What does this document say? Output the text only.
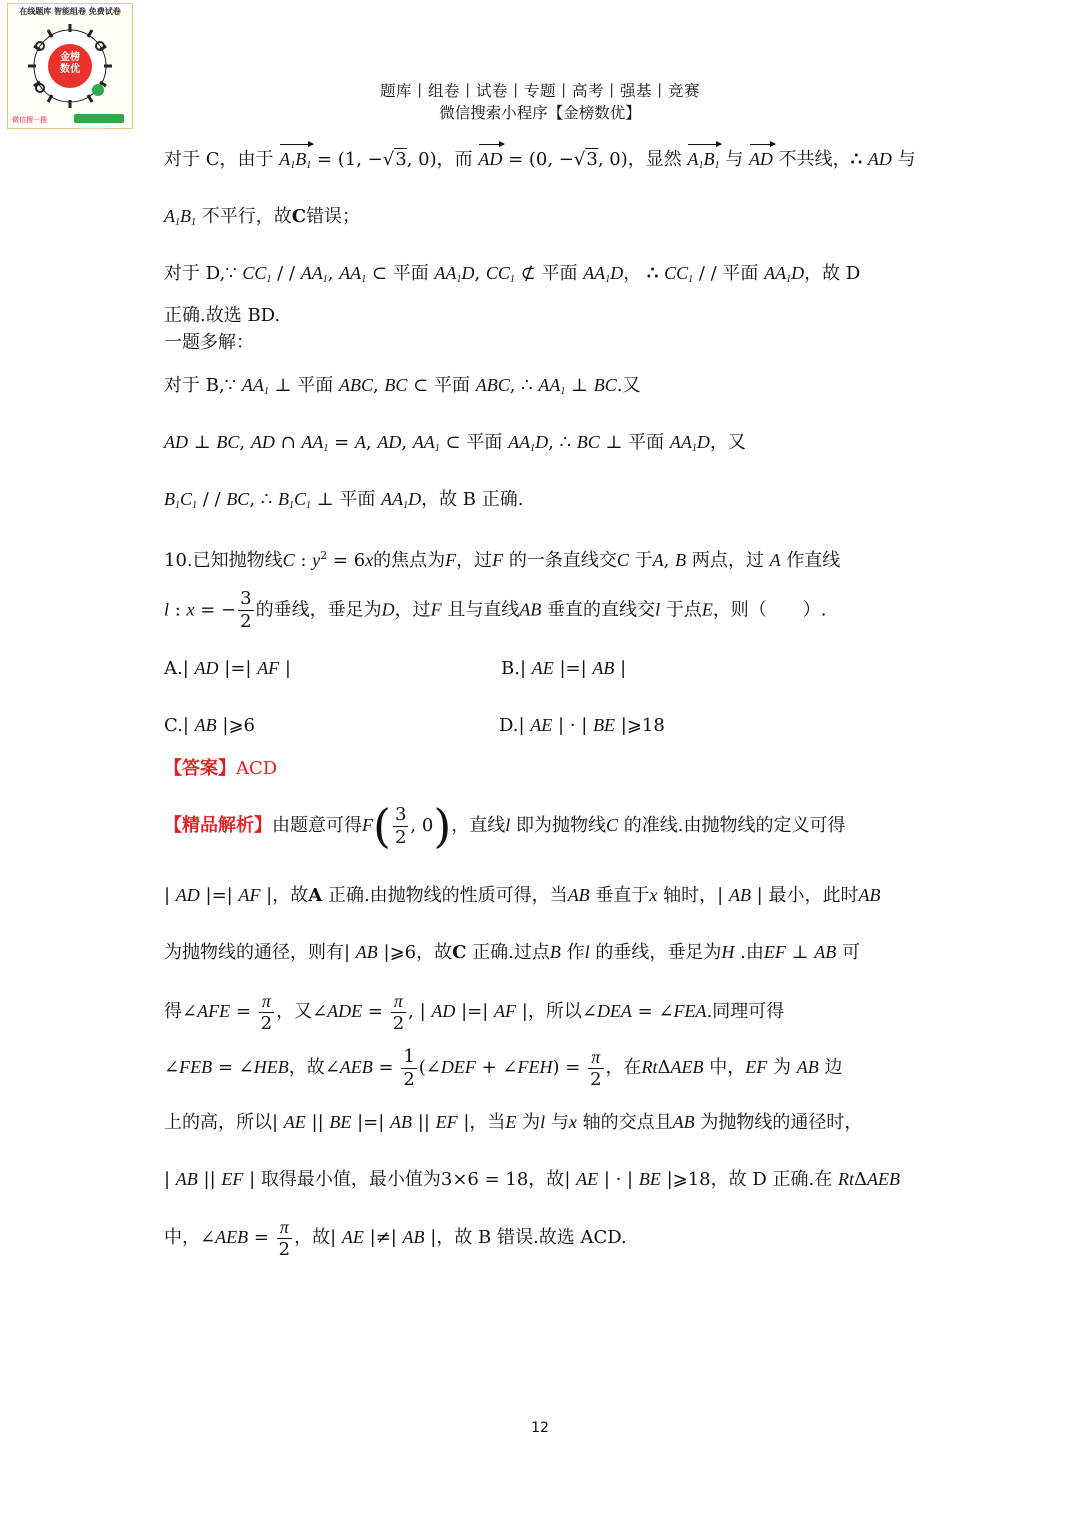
在线题库 智能组卷 免费试卷
金榜
数优
微信搜一搜
金榜数优
题库丨组卷丨试卷丨专题丨高考丨强基丨竞赛
微信搜索小程序【金榜数优】
对于 C，由于 $A_1B_1 = (1$, −√3, 0)，而 AD = (0, −√3, 0)，显然 $A_1B_1$ 与 AD 不共线，∴ AD 与
$A_1B_1$ 不平行，故C错误；
对于 D,∵ $CC_1$ / / $AA_1$, $AA_1$ ⊂ 平面 $AA_1D$, $CC_1$ ⊄ 平面 $AA_1D$， ∴ $CC_1$ / / 平面 $AA_1D$，故 D
正确.故选 BD.
一题多解：
对于 B,∵ $AA_1$ ⊥ 平面 ABC, BC ⊂ 平面 ABC, ∴ $AA_1$ ⊥ BC.又
AD ⊥ BC, AD ∩ $AA_1 = A$, AD, $AA_1$ ⊂ 平面 $AA_1D$, ∴ BC ⊥ 平面 $AA_1D$，又
$B_1C_1$ / / BC, ∴ $B_1C_1$ ⊥ 平面 $AA_1D$，故 B 正确.
10.已知抛物线C : $y^2 = 6x$的焦点为F，过F 的一条直线交C 于A, B 两点，过 A 作直线
l : x = − $\frac{3}{2}$ 的垂线，垂足为D，过F 且与直线AB 垂直的直线交l 于点E，则（　　）.
A.| AD |=| AF |	B.| AE |=| AB |
C.| AB |⩾6	D.| AE | · | BE |⩾18
【答案】ACD
【精品解析】由题意可得$F( \frac{3}{2}$ , 0)，直线l 即为抛物线C 的准线.由抛物线的定义可得
| AD |=| AF |，故A 正确.由抛物线的性质可得，当AB 垂直于x 轴时，| AB | 最小，此时AB
为抛物线的通径，则有| AB |⩾6，故C 正确.过点B 作l 的垂线，垂足为H .由EF ⊥ AB 可
得∠AFE = $\frac{\pi}{2}$ ，又∠ADE = $\frac{\pi}{2}$ , | AD |=| AF |，所以∠DEA = ∠FEA.同理可得
∠FEB = ∠HEB，故∠AEB = $\frac{1}{2}$ (∠DEF + ∠FEH) = $\frac{\pi}{2}$ ，在RtΔAEB 中，EF 为 AB 边
上的高，所以| AE || BE |=| AB || EF |，当E 为l 与x 轴的交点且AB 为抛物线的通径时，
| AB || EF | 取得最小值，最小值为3×6 = 18，故| AE | · | BE |⩾18，故 D 正确.在 RtΔAEB
中，∠AEB = $\frac{\pi}{2}$ ，故| AE |≠| AB |，故 B 错误.故选 ACD.
12
